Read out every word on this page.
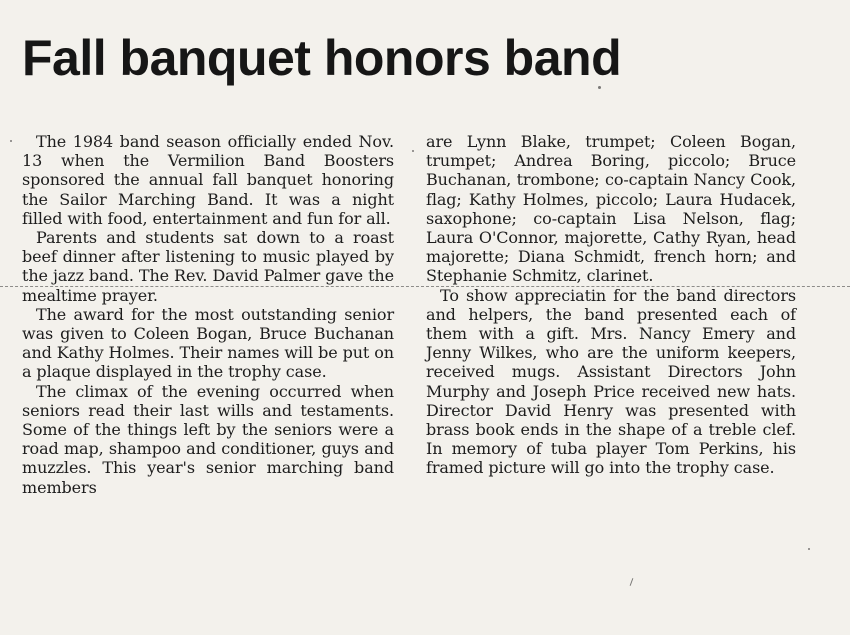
Fall banquet honors band

The 1984 band season officially ended Nov. 13 when the Vermilion Band Boosters sponsored the annual fall banquet honoring the Sailor Marching Band. It was a night filled with food, entertainment and fun for all.

Parents and students sat down to a roast beef dinner after listening to music played by the jazz band. The Rev. David Palmer gave the mealtime prayer.

The award for the most outstanding senior was given to Coleen Bogan, Bruce Buchanan and Kathy Holmes. Their names will be put on a plaque displayed in the trophy case.

The climax of the evening occurred when seniors read their last wills and testaments. Some of the things left by the seniors were a road map, shampoo and conditioner, guys and muzzles. This year's senior marching band members

are Lynn Blake, trumpet; Coleen Bogan, trumpet; Andrea Boring, piccolo; Bruce Buchanan, trombone; co-captain Nancy Cook, flag; Kathy Holmes, piccolo; Laura Hudacek, saxophone; co-captain Lisa Nelson, flag; Laura O'Connor, majorette, Cathy Ryan, head majorette; Diana Schmidt, french horn; and Stephanie Schmitz, clarinet.

To show appreciatin for the band directors and helpers, the band presented each of them with a gift. Mrs. Nancy Emery and Jenny Wilkes, who are the uniform keepers, received mugs. Assistant Directors John Murphy and Joseph Price received new hats. Director David Henry was presented with brass book ends in the shape of a treble clef. In memory of tuba player Tom Perkins, his framed picture will go into the trophy case.
